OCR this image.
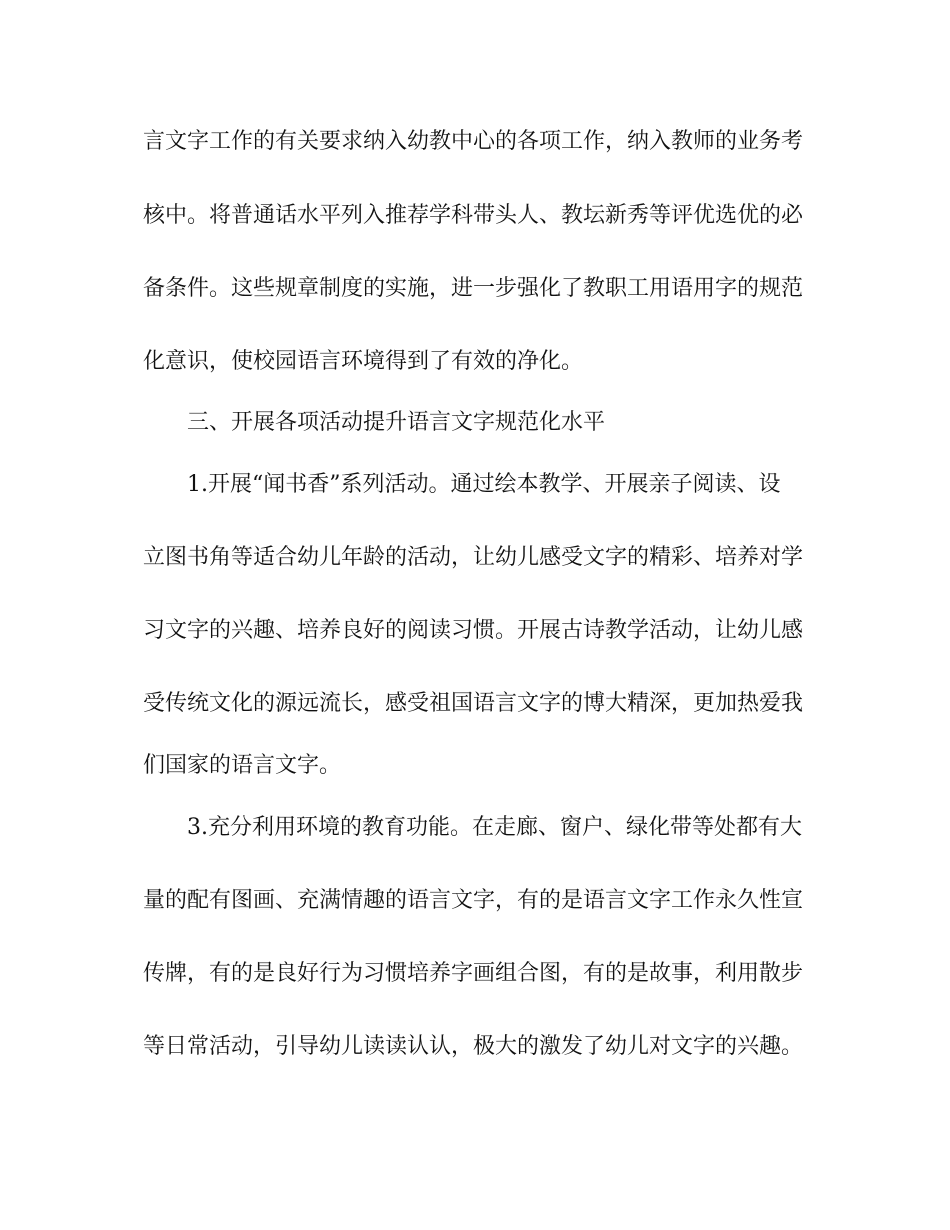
言文字工作的有关要求纳入幼教中心的各项工作，纳入教师的业务考
核中。将普通话水平列入推荐学科带头人、教坛新秀等评优选优的必
备条件。这些规章制度的实施，进一步强化了教职工用语用字的规范
化意识，使校园语言环境得到了有效的净化。
三、开展各项活动提升语言文字规范化水平
1.开展“闻书香”系列活动。通过绘本教学、开展亲子阅读、设
立图书角等适合幼儿年龄的活动，让幼儿感受文字的精彩、培养对学
习文字的兴趣、培养良好的阅读习惯。开展古诗教学活动，让幼儿感
受传统文化的源远流长，感受祖国语言文字的博大精深，更加热爱我
们国家的语言文字。
3.充分利用环境的教育功能。在走廊、窗户、绿化带等处都有大
量的配有图画、充满情趣的语言文字，有的是语言文字工作永久性宣
传牌，有的是良好行为习惯培养字画组合图，有的是故事，利用散步
等日常活动，引导幼儿读读认认，极大的激发了幼儿对文字的兴趣。
